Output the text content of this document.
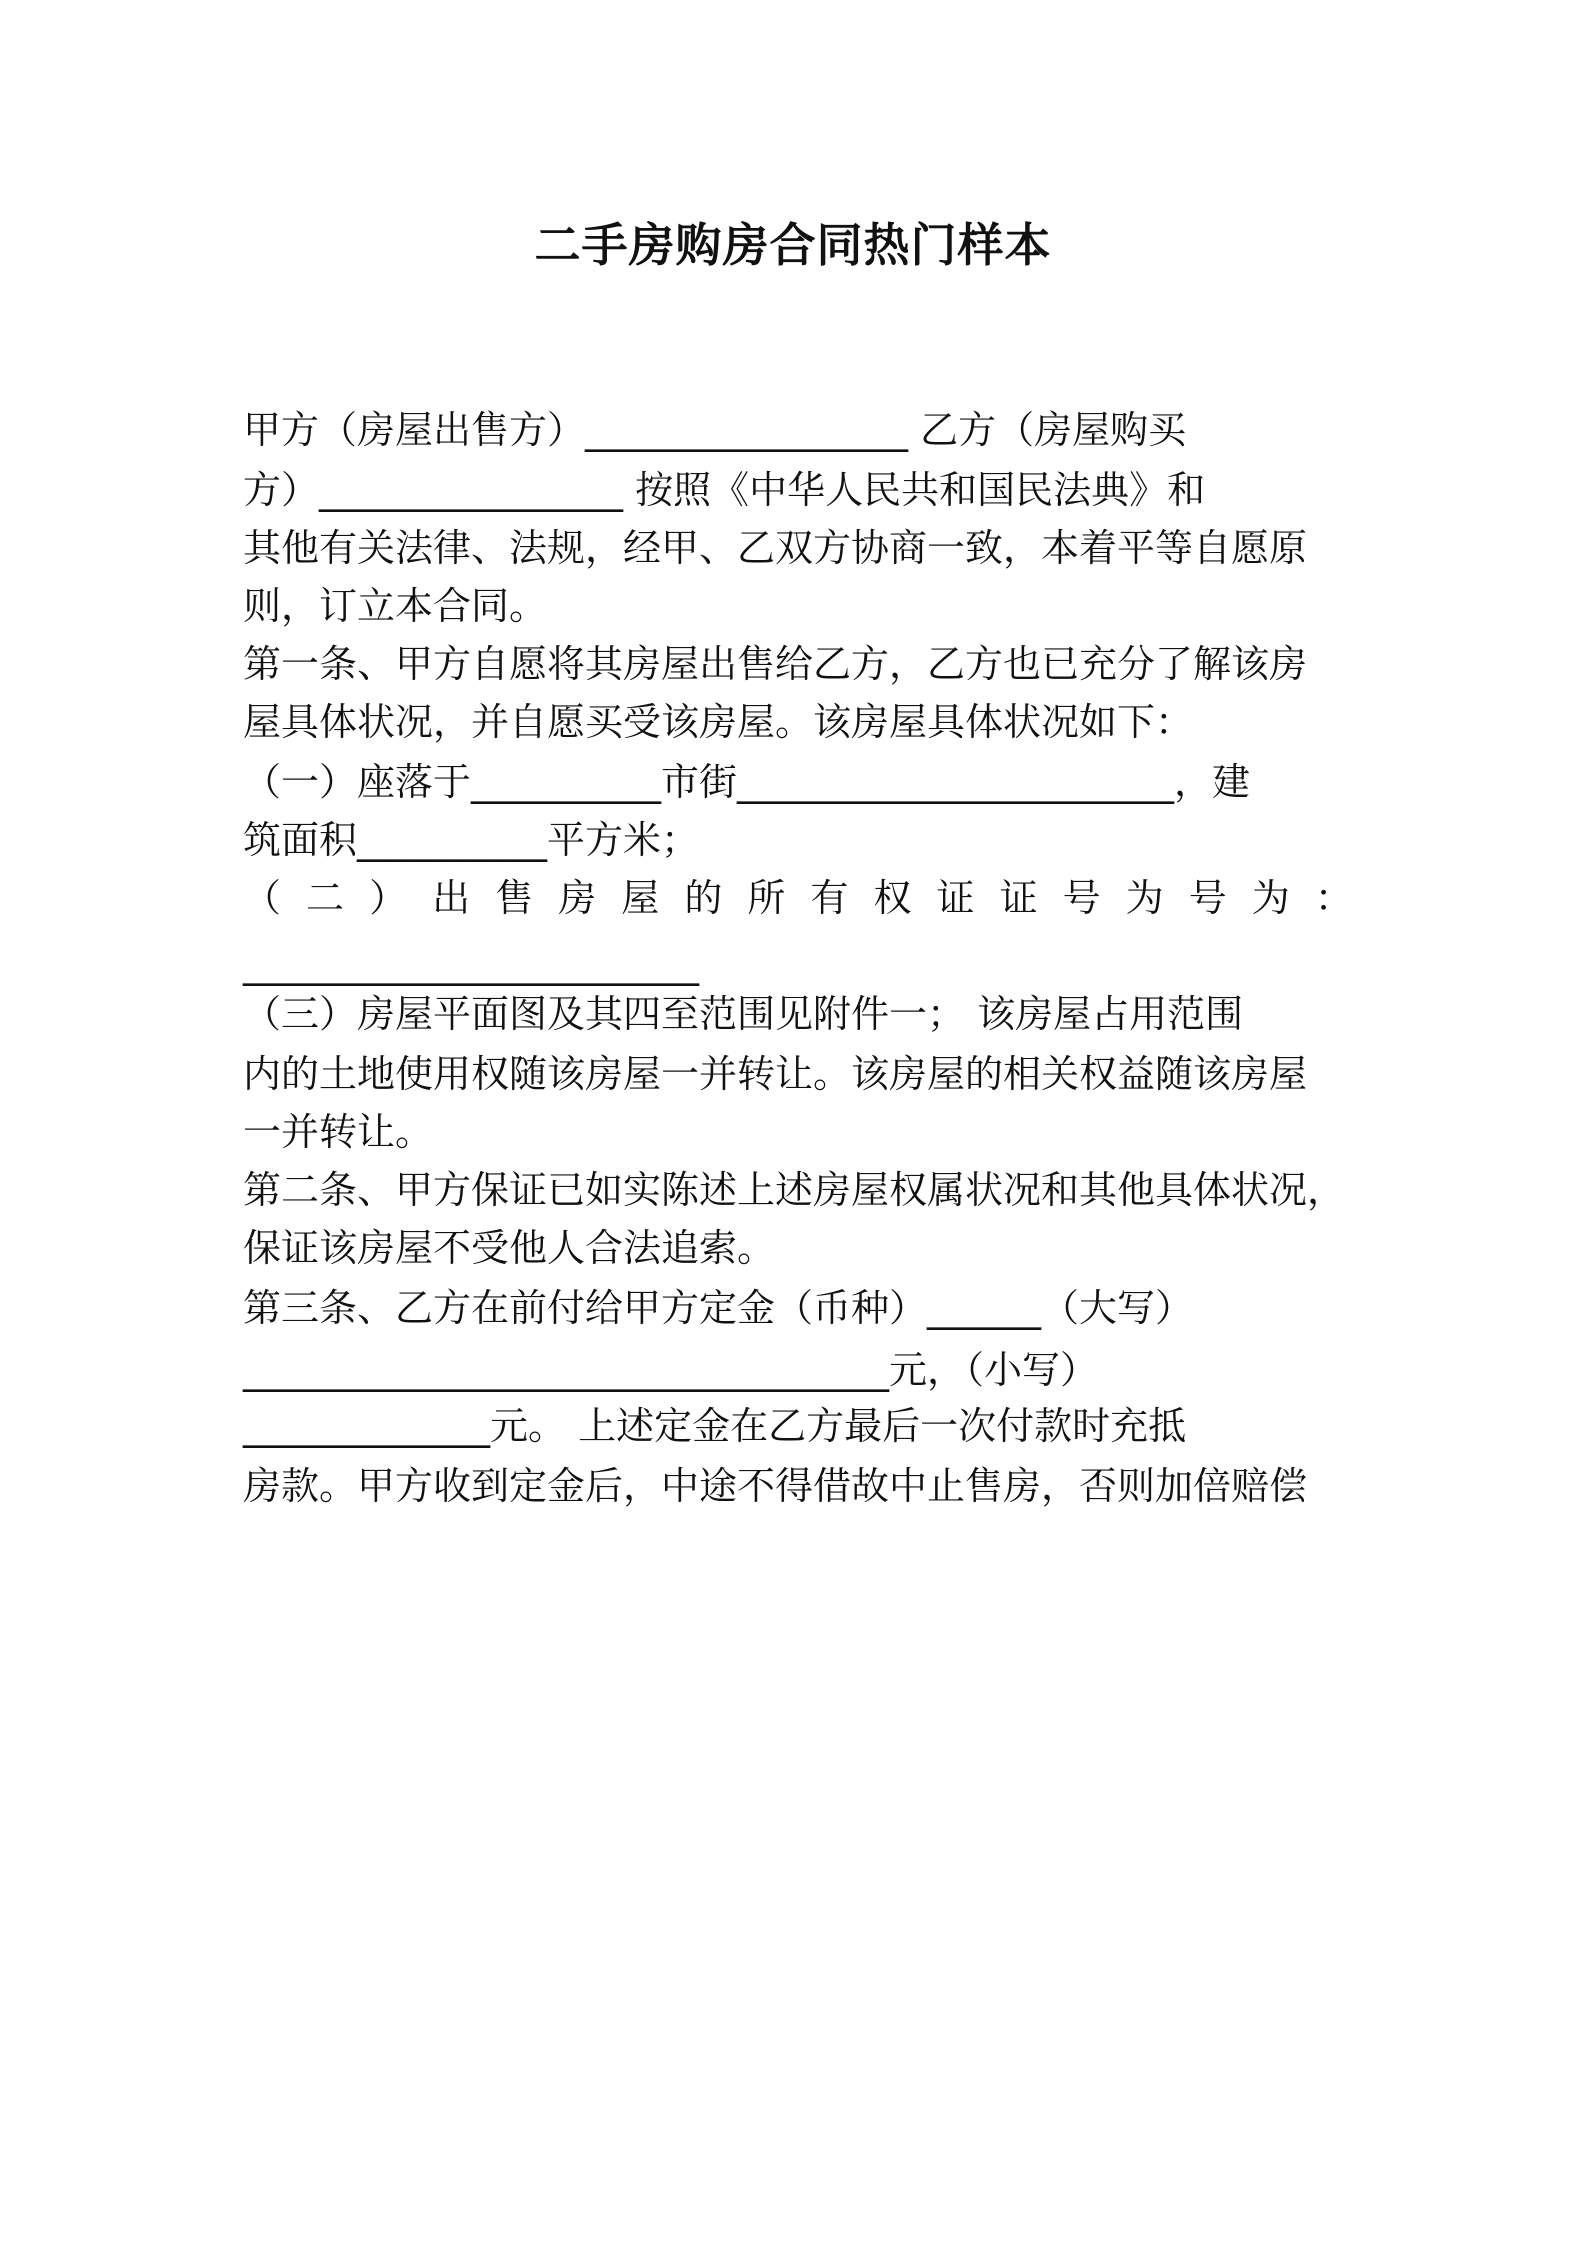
二手房购房合同热门样本
甲方（房屋出售方）_________________ 乙方（房屋购买
方）________________ 按照《中华人民共和国民法典》和
其他有关法律、法规，经甲、乙双方协商一致，本着平等自愿原
则，订立本合同。
第一条、甲方自愿将其房屋出售给乙方，乙方也已充分了解该房
屋具体状况，并自愿买受该房屋。该房屋具体状况如下：
（一）座落于__________市街_______________________，建
筑面积__________平方米；
（ 二 ） 出 售 房 屋 的 所 有 权 证 证 号 为 号 为 ：
________________________
（三）房屋平面图及其四至范围见附件一； 该房屋占用范围
内的土地使用权随该房屋一并转让。该房屋的相关权益随该房屋
一并转让。
第二条、甲方保证已如实陈述上述房屋权属状况和其他具体状况，
保证该房屋不受他人合法追索。
第三条、乙方在前付给甲方定金（币种）______（大写）
__________________________________元，（小写）
_____________元。 上述定金在乙方最后一次付款时充抵
房款。甲方收到定金后，中途不得借故中止售房，否则加倍赔偿
